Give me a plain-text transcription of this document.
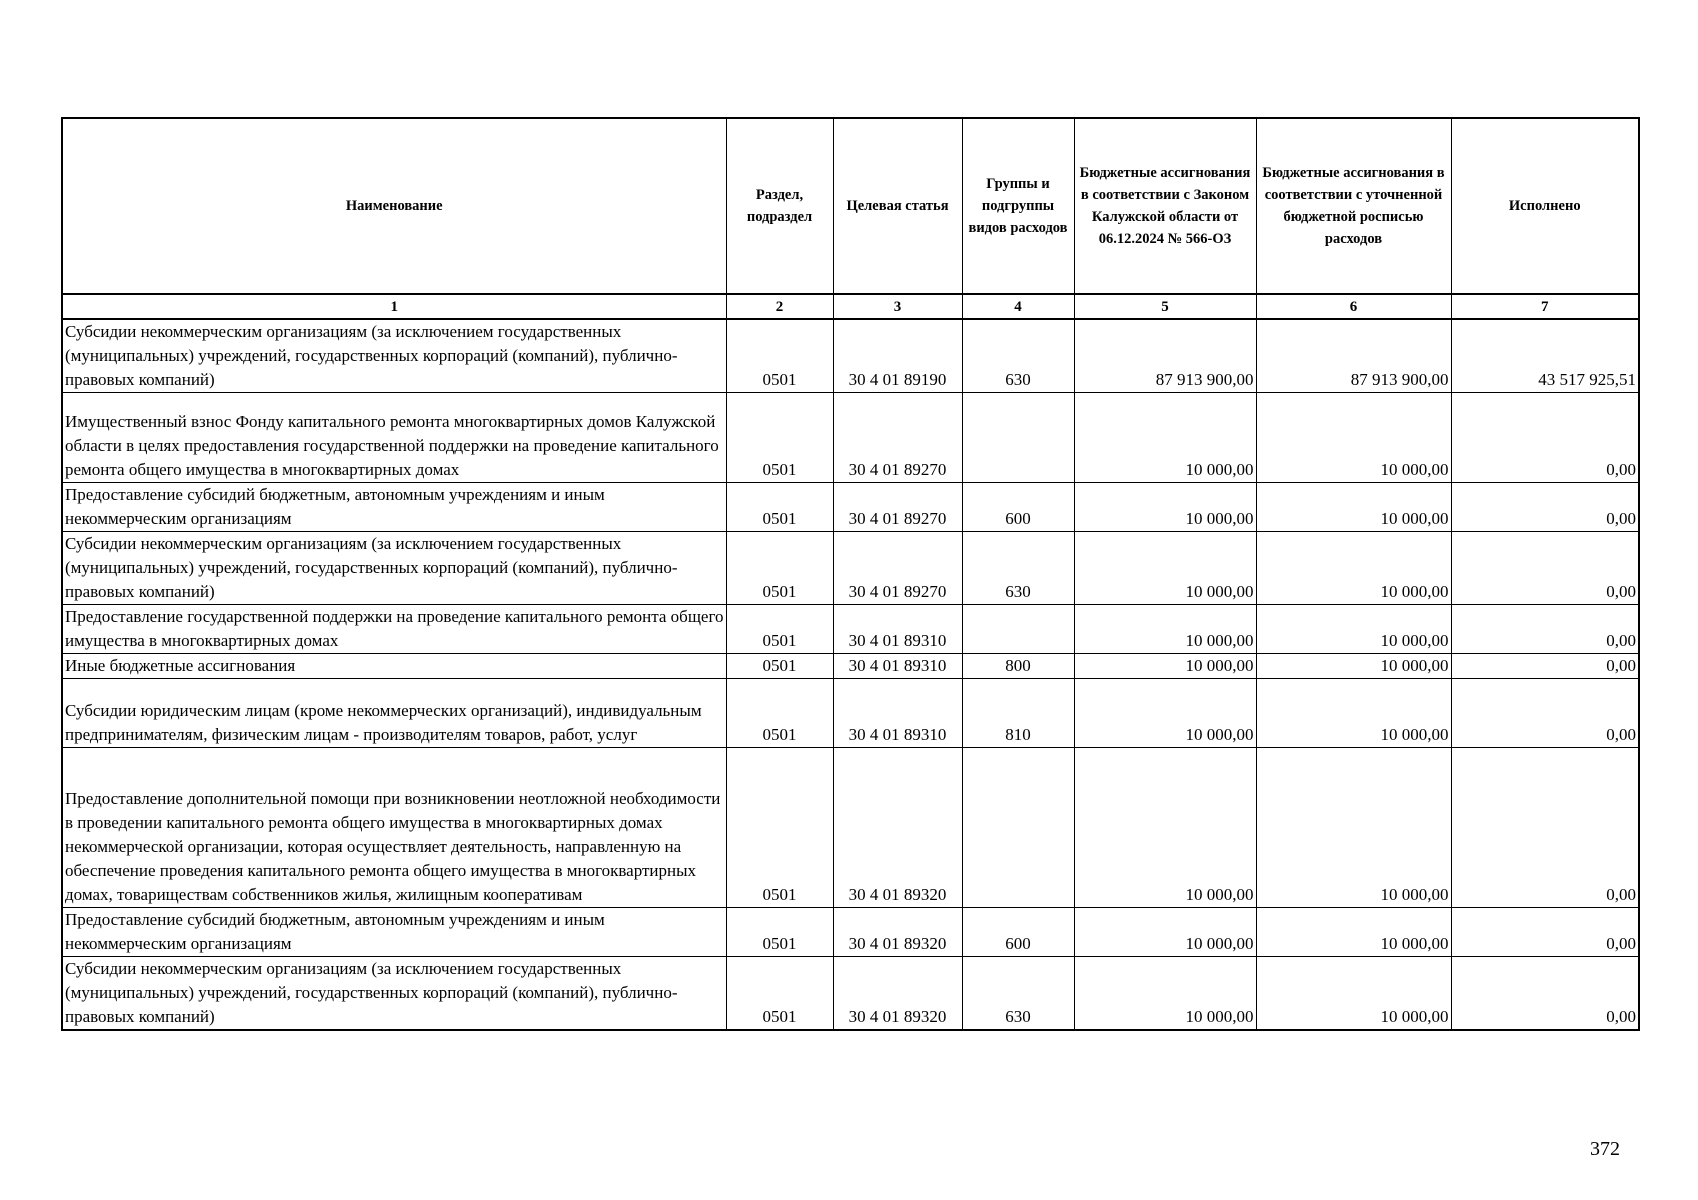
Наименование	Раздел, подраздел	Целевая статья	Группы и подгруппы видов расходов	Бюджетные ассигнования в соответствии с Законом Калужской области от 06.12.2024 № 566-ОЗ	Бюджетные ассигнования в соответствии с уточненной бюджетной росписью расходов	Исполнено
1	2	3	4	5	6	7
Субсидии некоммерческим организациям (за исключением государственных (муниципальных) учреждений, государственных корпораций (компаний), публично-правовых компаний)	0501	30 4 01 89190	630	87 913 900,00	87 913 900,00	43 517 925,51
Имущественный взнос Фонду капитального ремонта многоквартирных домов Калужской области в целях предоставления государственной поддержки на проведение капитального ремонта общего имущества в многоквартирных домах	0501	30 4 01 89270		10 000,00	10 000,00	0,00
Предоставление субсидий бюджетным, автономным учреждениям и иным некоммерческим организациям	0501	30 4 01 89270	600	10 000,00	10 000,00	0,00
Субсидии некоммерческим организациям (за исключением государственных (муниципальных) учреждений, государственных корпораций (компаний), публично-правовых компаний)	0501	30 4 01 89270	630	10 000,00	10 000,00	0,00
Предоставление государственной поддержки на проведение капитального ремонта общего имущества в многоквартирных домах	0501	30 4 01 89310		10 000,00	10 000,00	0,00
Иные бюджетные ассигнования	0501	30 4 01 89310	800	10 000,00	10 000,00	0,00
Субсидии юридическим лицам (кроме некоммерческих организаций), индивидуальным предпринимателям, физическим лицам - производителям товаров, работ, услуг	0501	30 4 01 89310	810	10 000,00	10 000,00	0,00
Предоставление дополнительной помощи при возникновении неотложной необходимости в проведении капитального ремонта общего имущества в многоквартирных домах некоммерческой организации, которая осуществляет деятельность, направленную на обеспечение проведения капитального ремонта общего имущества в многоквартирных домах, товариществам собственников жилья, жилищным кооперативам	0501	30 4 01 89320		10 000,00	10 000,00	0,00
Предоставление субсидий бюджетным, автономным учреждениям и иным некоммерческим организациям	0501	30 4 01 89320	600	10 000,00	10 000,00	0,00
Субсидии некоммерческим организациям (за исключением государственных (муниципальных) учреждений, государственных корпораций (компаний), публично-правовых компаний)	0501	30 4 01 89320	630	10 000,00	10 000,00	0,00
372
